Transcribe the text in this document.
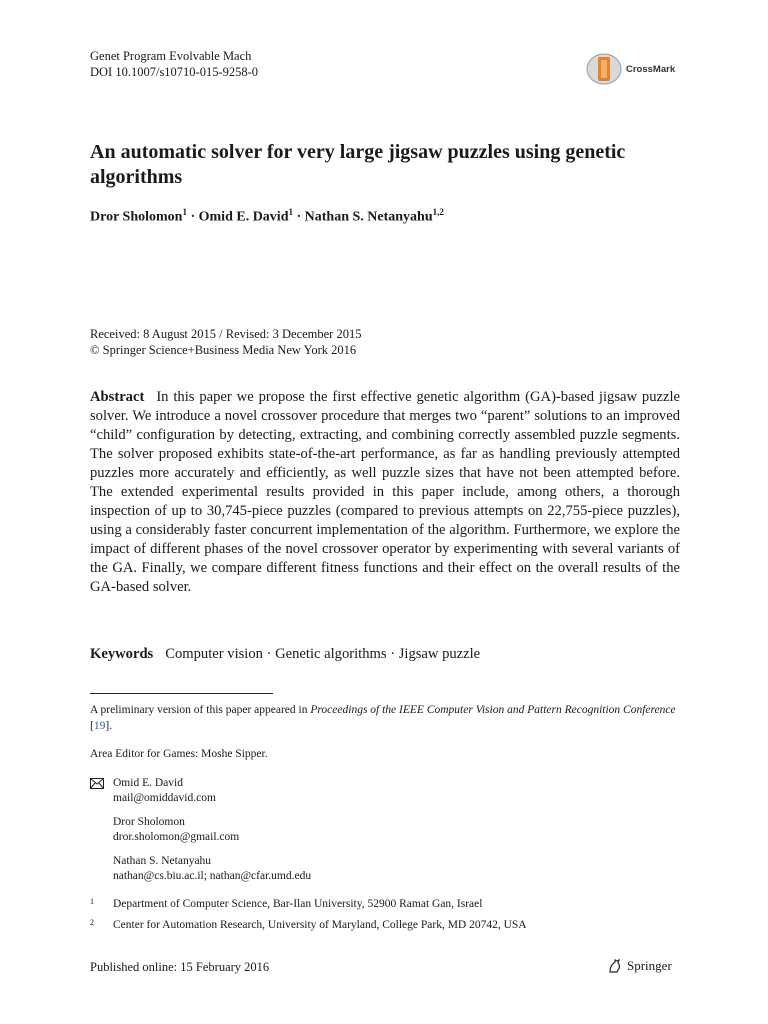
Genet Program Evolvable Mach
DOI 10.1007/s10710-015-9258-0	CrossMark
An automatic solver for very large jigsaw puzzles using genetic algorithms
Dror Sholomon$^1$ · Omid E. David$^1$ · Nathan S. Netanyahu$^{1,2}$
Received: 8 August 2015 / Revised: 3 December 2015
© Springer Science+Business Media New York 2016
Abstract In this paper we propose the first effective genetic algorithm (GA)-based jigsaw puzzle solver. We introduce a novel crossover procedure that merges two “parent” solutions to an improved “child” configuration by detecting, extracting, and combining correctly assembled puzzle segments. The solver proposed exhibits state-of-the-art performance, as far as handling previously attempted puzzles more accurately and efficiently, as well puzzle sizes that have not been attempted before. The extended experimental results provided in this paper include, among others, a thorough inspection of up to 30,745-piece puzzles (compared to previous attempts on 22,755-piece puzzles), using a considerably faster concurrent implementation of the algorithm. Furthermore, we explore the impact of different phases of the novel crossover operator by experimenting with several variants of the GA. Finally, we compare different fitness functions and their effect on the overall results of the GA-based solver.
Keywords Computer vision · Genetic algorithms · Jigsaw puzzle
A preliminary version of this paper appeared in Proceedings of the IEEE Computer Vision and Pattern Recognition Conference [19].
Area Editor for Games: Moshe Sipper.
Omid E. David
mail@omiddavid.com
Dror Sholomon
dror.sholomon@gmail.com
Nathan S. Netanyahu
nathan@cs.biu.ac.il; nathan@cfar.umd.edu
1 Department of Computer Science, Bar-Ilan University, 52900 Ramat Gan, Israel
2 Center for Automation Research, University of Maryland, College Park, MD 20742, USA
Published online: 15 February 2016	Springer
